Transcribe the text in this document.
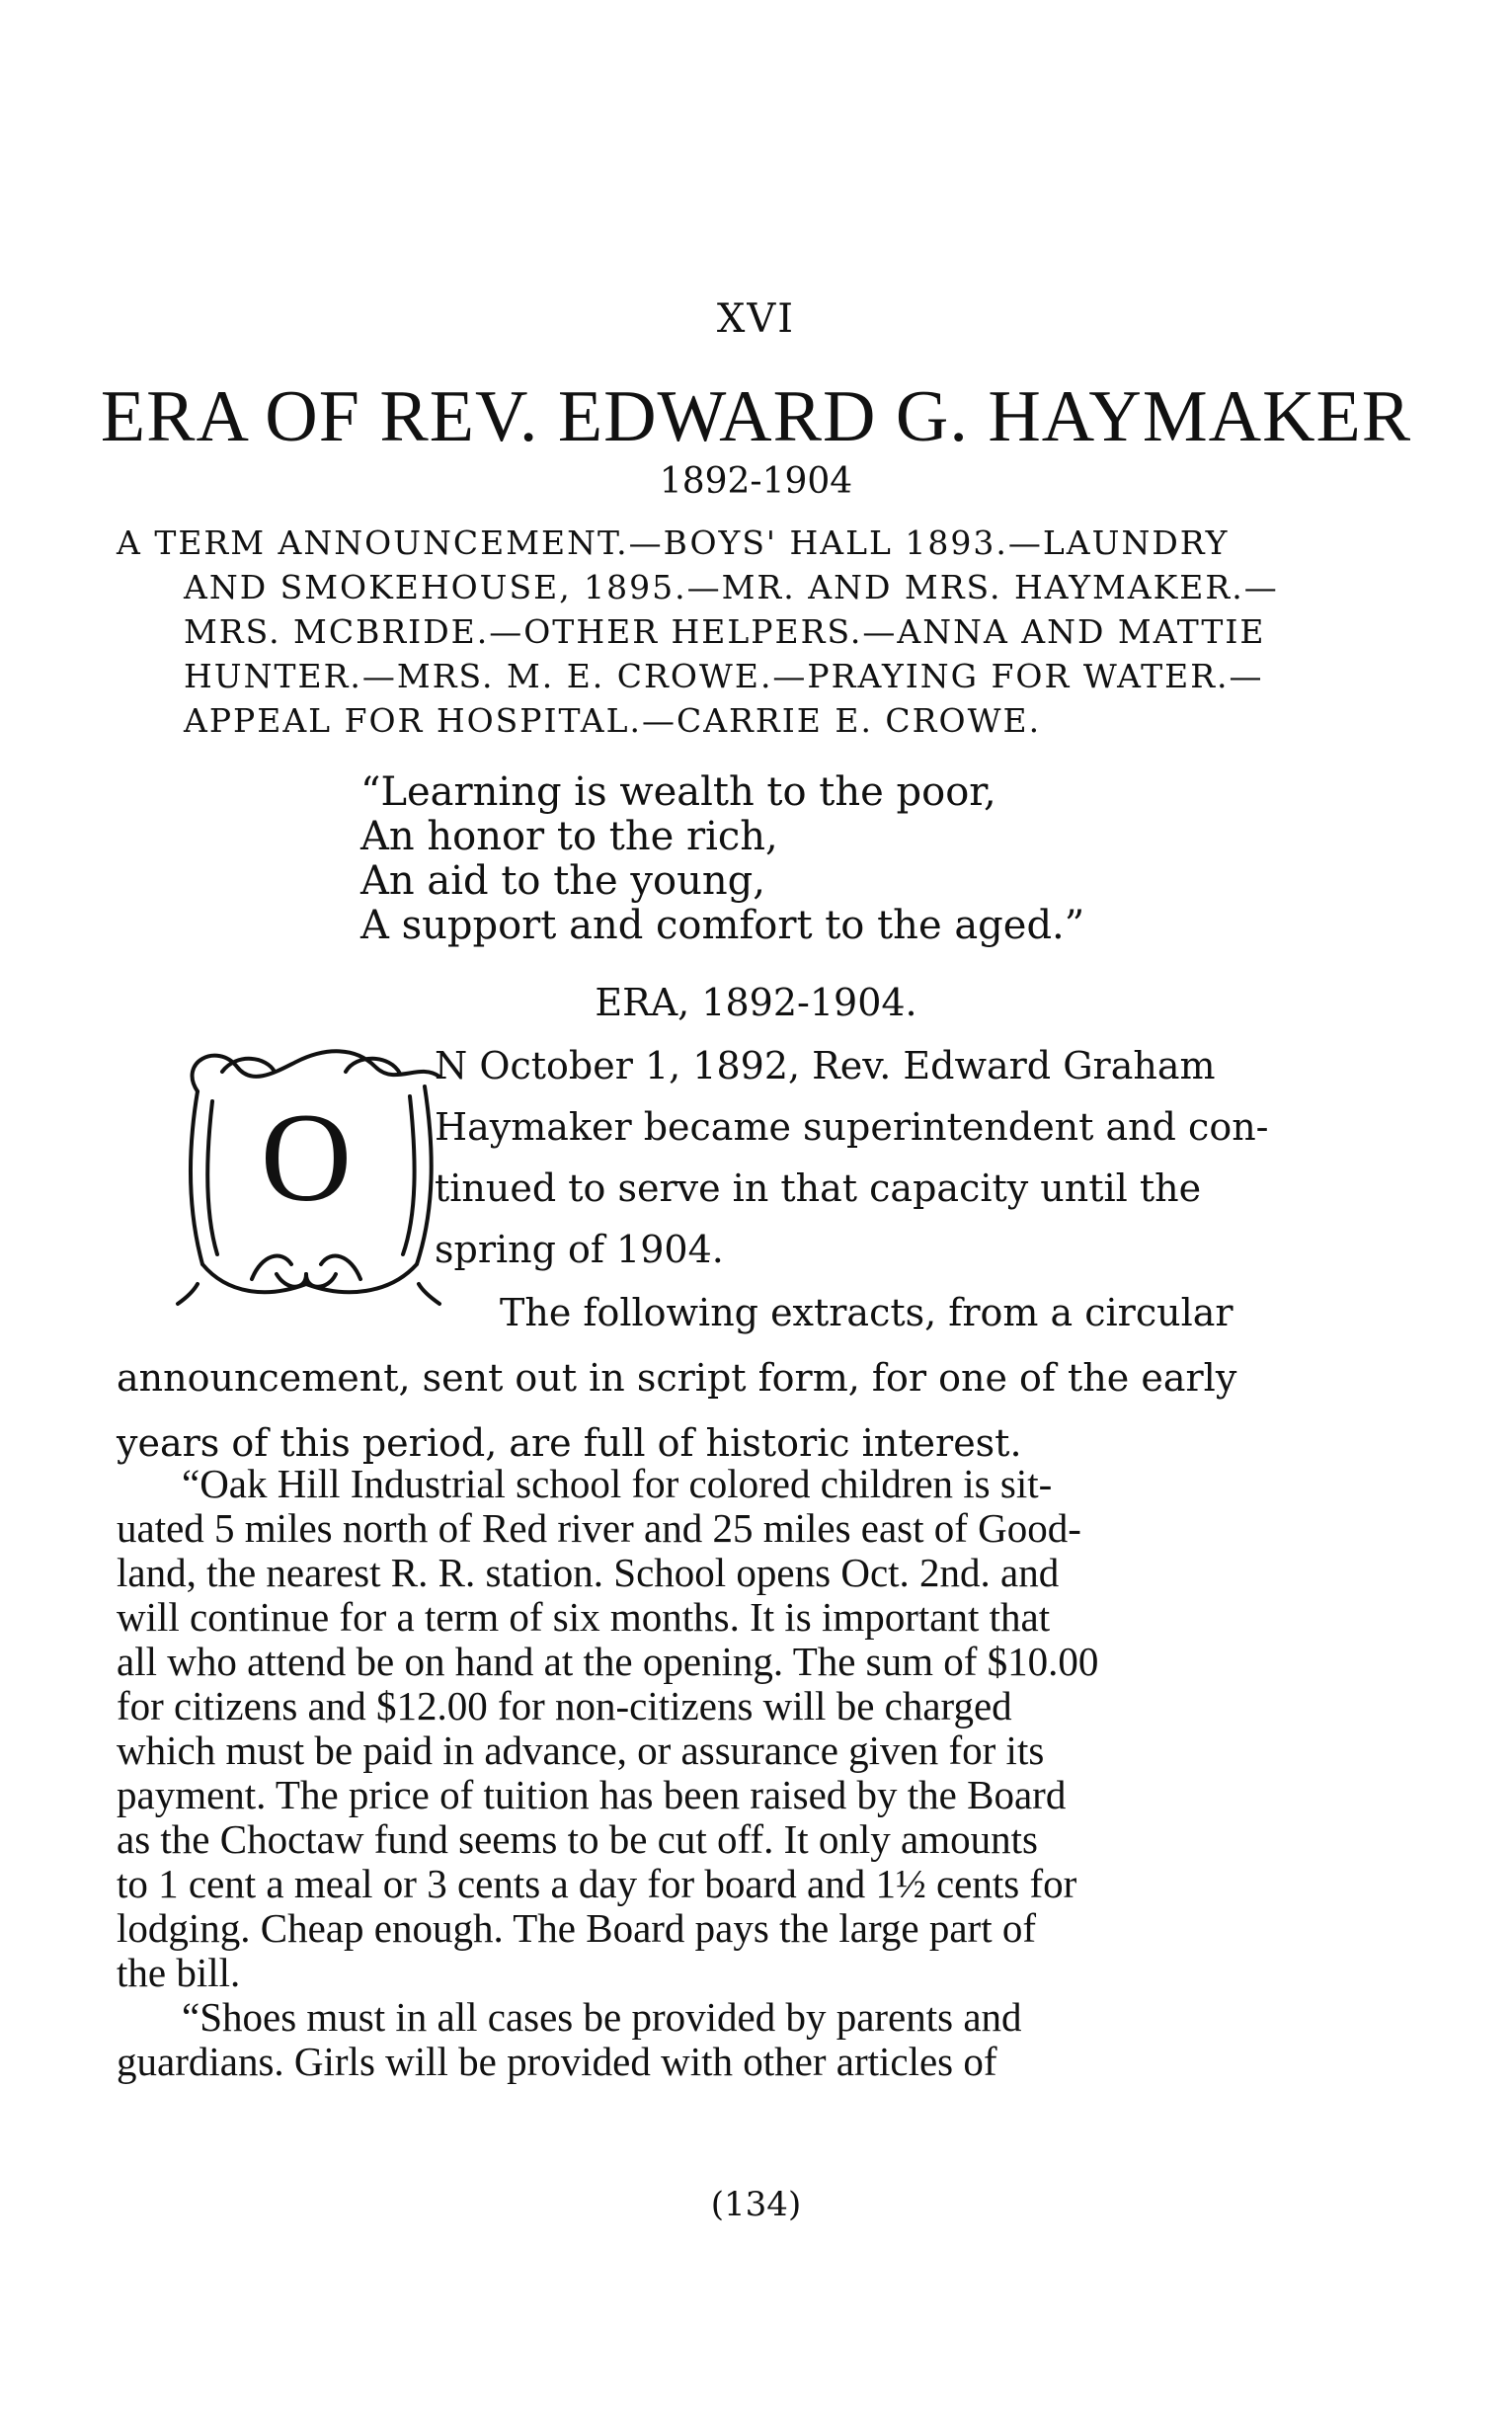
XVI
ERA OF REV. EDWARD G. HAYMAKER
1892-1904
A TERM ANNOUNCEMENT.—BOYS' HALL 1893.—LAUNDRY
AND SMOKEHOUSE, 1895.—MR. AND MRS. HAYMAKER.—
MRS. MCBRIDE.—OTHER HELPERS.—ANNA AND MATTIE
HUNTER.—MRS. M. E. CROWE.—PRAYING FOR WATER.—
APPEAL FOR HOSPITAL.—CARRIE E. CROWE.
“Learning is wealth to the poor,
An honor to the rich,
An aid to the young,
A support and comfort to the aged.”
ERA, 1892-1904.
O
N October 1, 1892, Rev. Edward Graham
Haymaker became superintendent and con-
tinued to serve in that capacity until the
spring of 1904.
The following extracts, from a circular
announcement, sent out in script form, for one of the early
years of this period, are full of historic interest.
“Oak Hill Industrial school for colored children is sit-
uated 5 miles north of Red river and 25 miles east of Good-
land, the nearest R. R. station. School opens Oct. 2nd. and
will continue for a term of six months. It is important that
all who attend be on hand at the opening. The sum of $10.00
for citizens and $12.00 for non-citizens will be charged
which must be paid in advance, or assurance given for its
payment. The price of tuition has been raised by the Board
as the Choctaw fund seems to be cut off. It only amounts
to 1 cent a meal or 3 cents a day for board and 1½ cents for
lodging. Cheap enough. The Board pays the large part of
the bill.
“Shoes must in all cases be provided by parents and
guardians. Girls will be provided with other articles of
(134)
